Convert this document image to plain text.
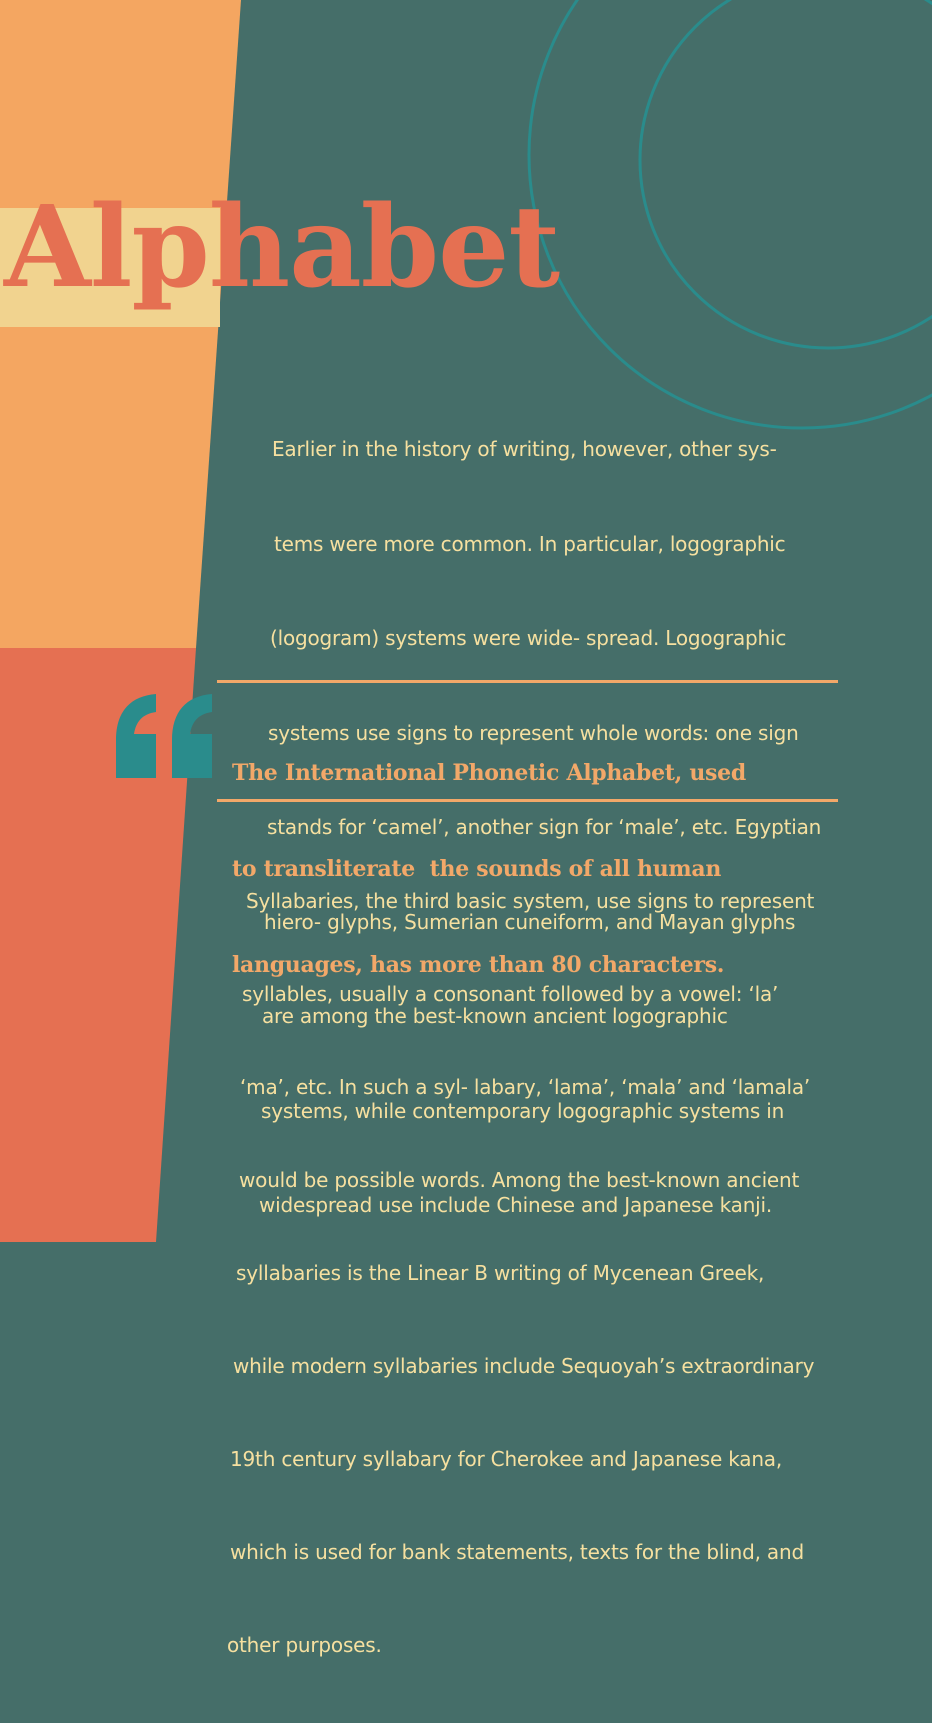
Alphabet

Earlier in the history of writing, however, other sys-

tems were more common. In particular, logographic

(logogram) systems were wide- spread. Logographic

systems use signs to represent whole words: one sign

stands for ‘camel’, another sign for ‘male’, etc. Egyptian

hiero- glyphs, Sumerian cuneiform, and Mayan glyphs

are among the best-known ancient logographic

systems, while contemporary logographic systems in

widespread use include Chinese and Japanese kanji.

The International Phonetic Alphabet, used

to transliterate  the sounds of all human

languages, has more than 80 characters.

Syllabaries, the third basic system, use signs to represent

syllables, usually a consonant followed by a vowel: ‘la’

‘ma’, etc. In such a syl- labary, ‘lama’, ‘mala’ and ‘lamala’

would be possible words. Among the best-known ancient

syllabaries is the Linear B writing of Mycenean Greek,

while modern syllabaries include Sequoyah’s extraordinary

19th century syllabary for Cherokee and Japanese kana,

which is used for bank statements, texts for the blind, and

other purposes.
